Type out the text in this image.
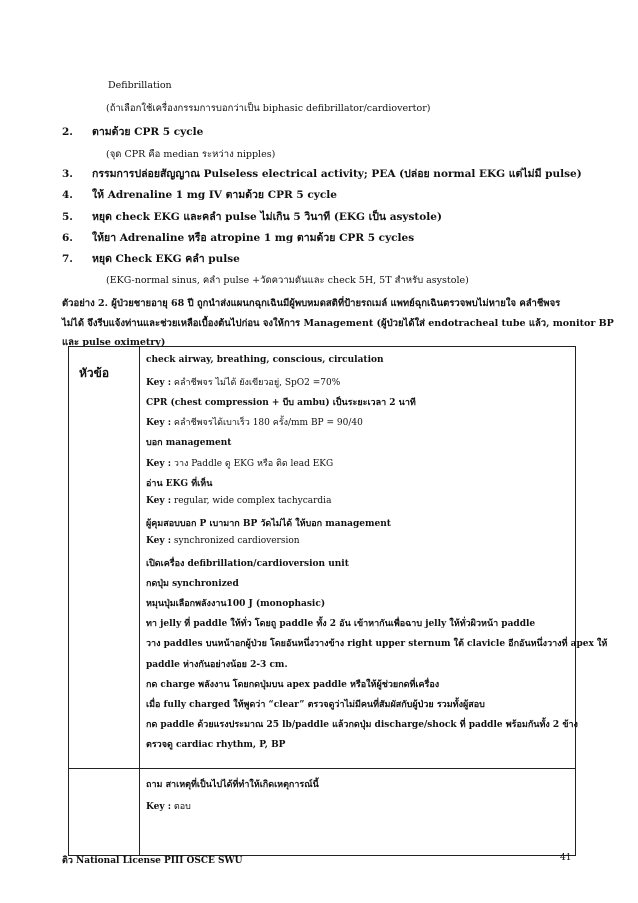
Defibrillation
(ถ้าเลือกใช้เครื่องกรรมการบอกว่าเป็น biphasic defibrillator/cardiovertor)
2. ตามด้วย CPR 5 cycle
(จุด CPR คือ median ระหว่าง nipples)
3. กรรมการปล่อยสัญญาณ Pulseless electrical activity; PEA (ปล่อย normal EKG แต่ไม่มี pulse)
4. ให้ Adrenaline 1 mg IV ตามด้วย CPR 5 cycle
5. หยุด check EKG และคลำ pulse ไม่เกิน 5 วินาที (EKG เป็น asystole)
6. ให้ยา Adrenaline หรือ atropine 1 mg ตามด้วย CPR 5 cycles
7. หยุด Check EKG คลำ pulse
(EKG-normal sinus, คลำ pulse +วัดความดันและ check 5H, 5T สำหรับ asystole)
ตัวอย่าง 2. ผู้ป่วยชายอายุ 68 ปี ถูกนำส่งแผนกฉุกเฉินมีผู้พบหมดสติที่ป้ายรถเมล์ แพทย์ฉุกเฉินตรวจพบไม่หายใจ คลำชีพจร
ไม่ได้ จึงรีบแจ้งท่านและช่วยเหลือเบื้องต้นไปก่อน จงให้การ Management (ผู้ป่วยได้ใส่ endotracheal tube แล้ว, monitor BP
และ pulse oximetry)
หัวข้อ
check airway, breathing, conscious, circulation
Key : คลำชีพจร ไม่ได้ ยังเขียวอยู่, SpO2 =70%
CPR (chest compression + บีบ ambu) เป็นระยะเวลา 2 นาที
Key : คลำชีพจรได้เบาเร็ว 180 ครั้ง/mm BP = 90/40
บอก management
Key : วาง Paddle ดู EKG หรือ ติด lead EKG
อ่าน EKG ที่เห็น
Key : regular, wide complex tachycardia
ผู้คุมสอบบอก P เบามาก BP วัดไม่ได้ ให้บอก management
Key : synchronized cardioversion
เปิดเครื่อง defibrillation/cardioversion unit
กดปุ่ม synchronized
หมุนปุ่มเลือกพลังงาน100 J (monophasic)
ทา jelly ที่ paddle ให้ทั่ว โดยถู paddle ทั้ง 2 อัน เข้าหากันเพื่อฉาบ jelly ให้ทั่วผิวหน้า paddle
วาง paddles บนหน้าอกผู้ป่วย โดยอันหนึ่งวางข้าง right upper sternum ใต้ clavicle อีกอันหนึ่งวางที่ apex ให้
paddle ห่างกันอย่างน้อย 2-3 cm.
กด charge พลังงาน โดยกดปุ่มบน apex paddle หรือให้ผู้ช่วยกดที่เครื่อง
เมื่อ fully charged ให้พูดว่า “clear” ตรวจดูว่าไม่มีคนที่สัมผัสกับผู้ป่วย รวมทั้งผู้สอบ
กด paddle ด้วยแรงประมาณ 25 lb/paddle แล้วกดปุ่ม discharge/shock ที่ paddle พร้อมกันทั้ง 2 ข้าง
ตรวจดู cardiac rhythm, P, BP
ถาม สาเหตุที่เป็นไปได้ที่ทำให้เกิดเหตุการณ์นี้
Key : ตอบ
ติว National License PIII OSCE SWU	41
